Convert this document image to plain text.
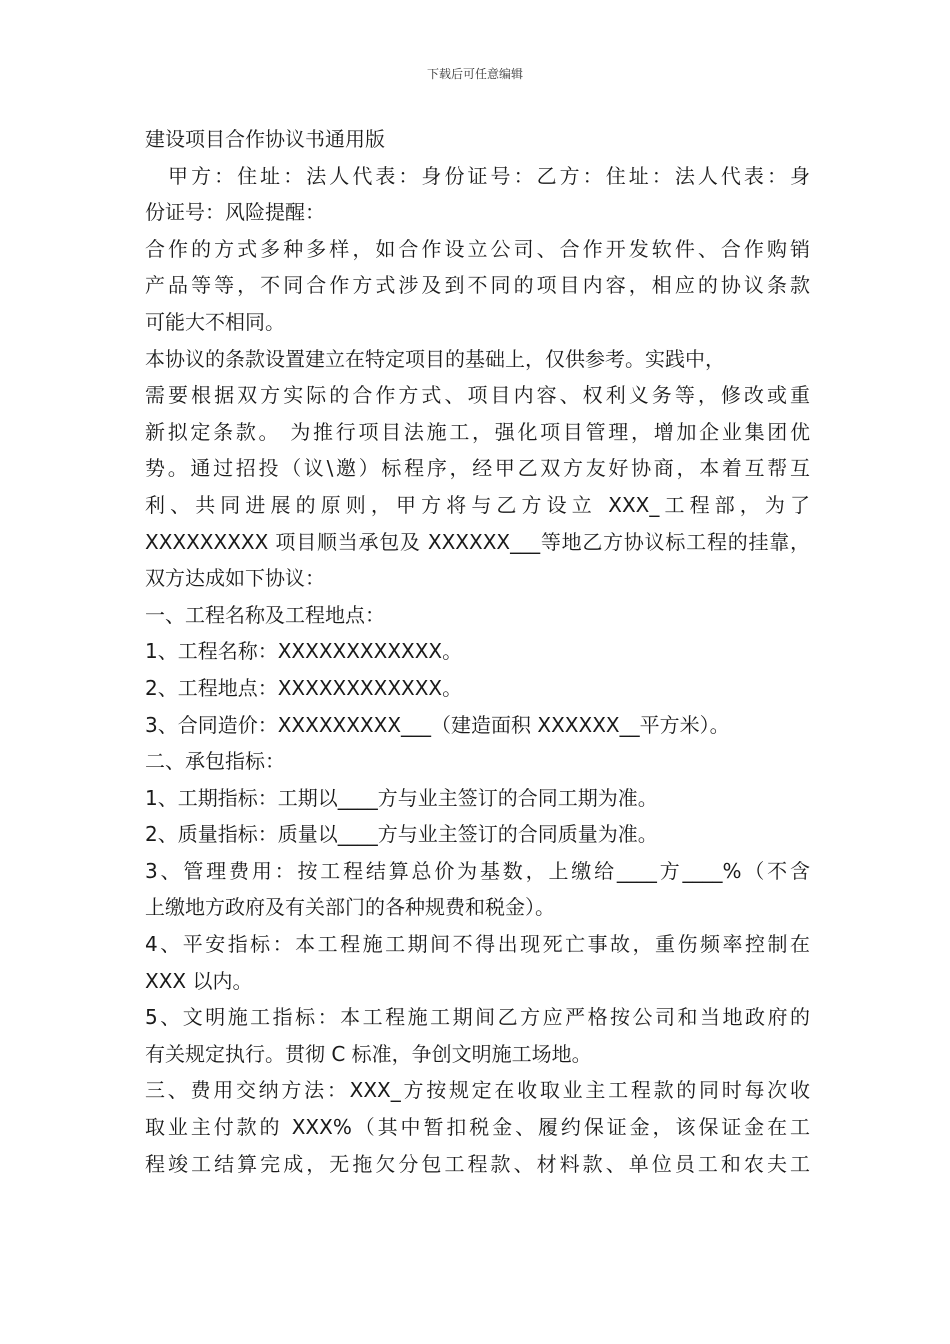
下载后可任意编辑
建设项目合作协议书通用版
　甲方：住址：法人代表：身份证号：乙方：住址：法人代表：身
份证号：风险提醒：
合作的方式多种多样，如合作设立公司、合作开发软件、合作购销
产品等等，不同合作方式涉及到不同的项目内容，相应的协议条款
可能大不相同。
本协议的条款设置建立在特定项目的基础上，仅供参考。实践中，
需要根据双方实际的合作方式、项目内容、权利义务等，修改或重
新拟定条款。 为推行项目法施工，强化项目管理，增加企业集团优
势。通过招投（议\邀）标程序，经甲乙双方友好协商，本着互帮互
利、共同进展的原则，甲方将与乙方设立 XXX_工程部，为了
XXXXXXXXX 项目顺当承包及 XXXXXX___等地乙方协议标工程的挂靠，
双方达成如下协议：
一、工程名称及工程地点：
1、工程名称：XXXXXXXXXXXX。
2、工程地点：XXXXXXXXXXXX。
3、合同造价：XXXXXXXXX___（建造面积 XXXXXX__平方米）。
二、承包指标：
1、工期指标：工期以____方与业主签订的合同工期为准。
2、质量指标：质量以____方与业主签订的合同质量为准。
3、管理费用：按工程结算总价为基数，上缴给____方____%（不含
上缴地方政府及有关部门的各种规费和税金）。
4、平安指标：本工程施工期间不得出现死亡事故，重伤频率控制在
XXX 以内。
5、文明施工指标：本工程施工期间乙方应严格按公司和当地政府的
有关规定执行。贯彻 C 标准，争创文明施工场地。
三、费用交纳方法：XXX_方按规定在收取业主工程款的同时每次收
取业主付款的 XXX%（其中暂扣税金、履约保证金，该保证金在工
程竣工结算完成，无拖欠分包工程款、材料款、单位员工和农夫工
